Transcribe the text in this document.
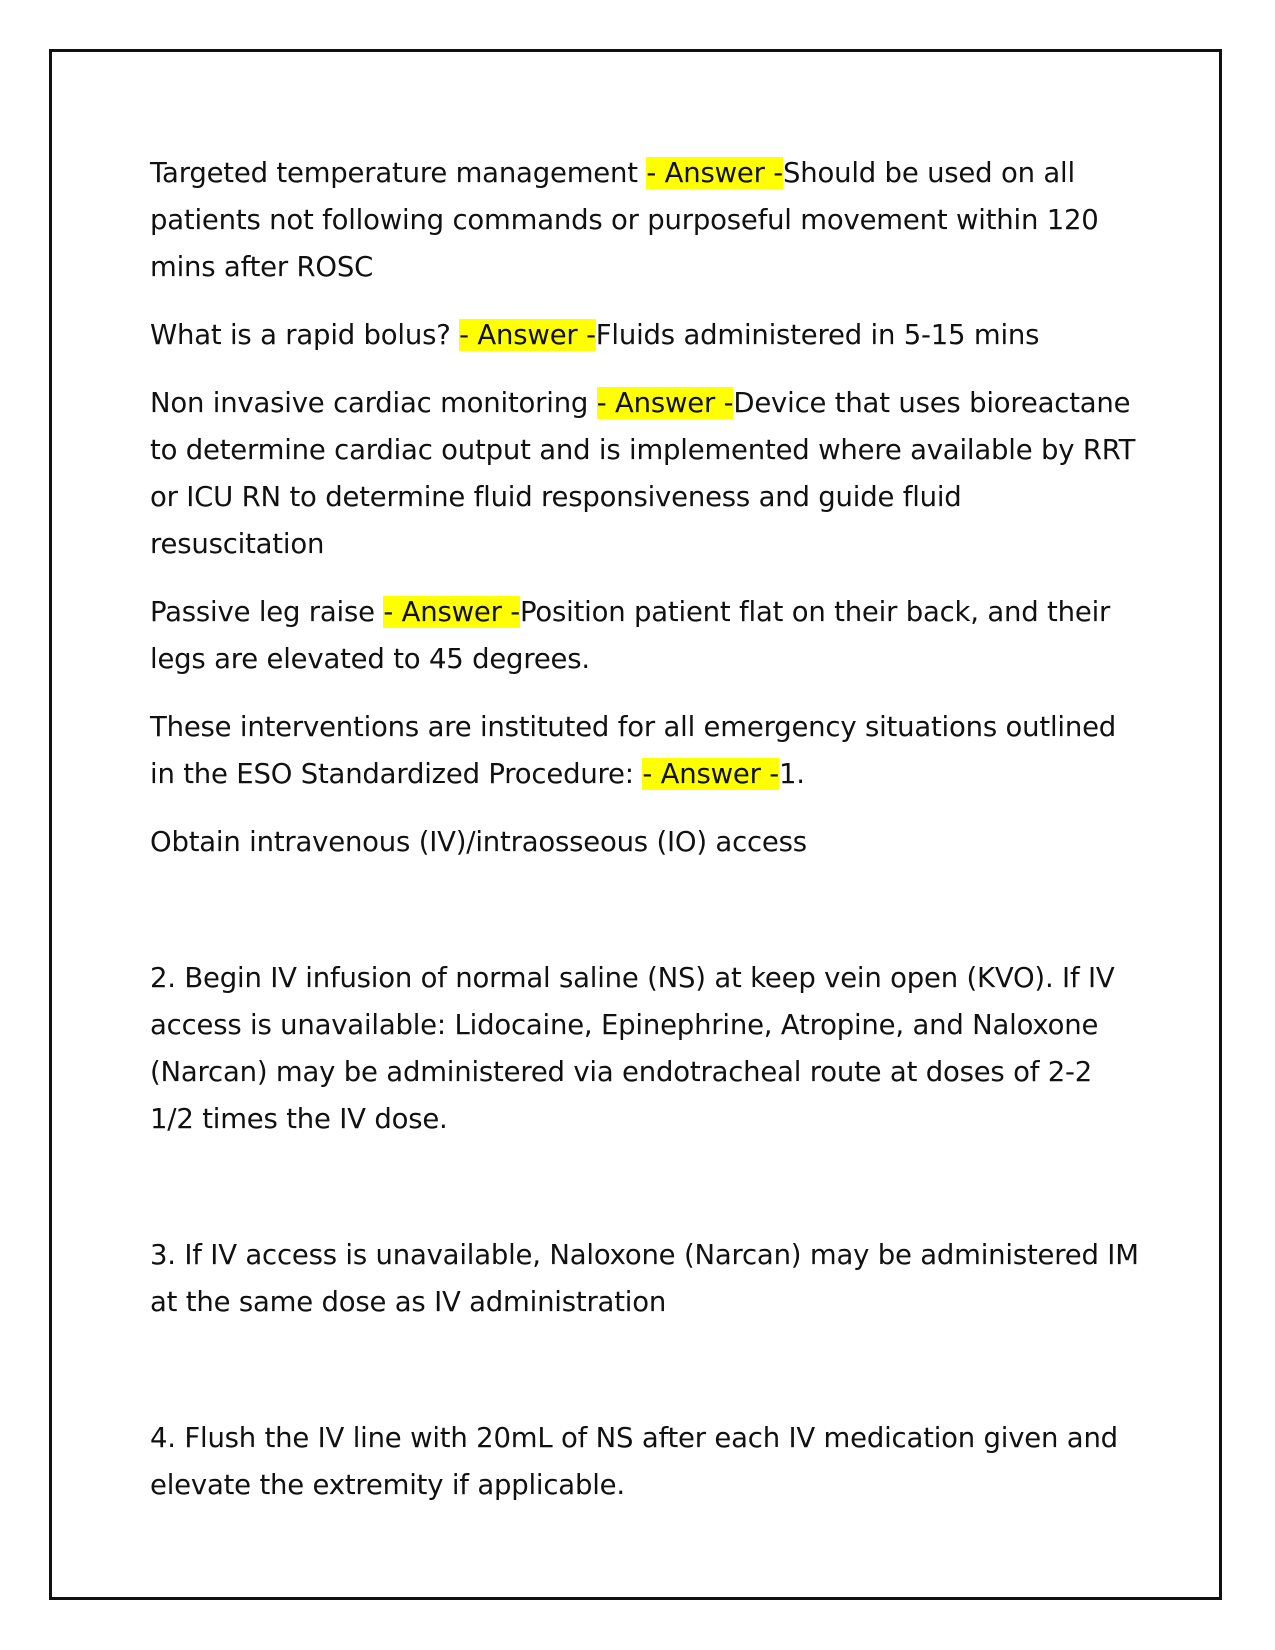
Targeted temperature management - Answer -Should be used on all patients not following commands or purposeful movement within 120 mins after ROSC

What is a rapid bolus? - Answer -Fluids administered in 5-15 mins

Non invasive cardiac monitoring - Answer -Device that uses bioreactane to determine cardiac output and is implemented where available by RRT or ICU RN to determine fluid responsiveness and guide fluid resuscitation

Passive leg raise - Answer -Position patient flat on their back, and their legs are elevated to 45 degrees.

These interventions are instituted for all emergency situations outlined in the ESO Standardized Procedure: - Answer -1.

Obtain intravenous (IV)/intraosseous (IO) access

2. Begin IV infusion of normal saline (NS) at keep vein open (KVO). If IV access is unavailable: Lidocaine, Epinephrine, Atropine, and Naloxone (Narcan) may be administered via endotracheal route at doses of 2-2 1/2 times the IV dose.

3. If IV access is unavailable, Naloxone (Narcan) may be administered IM at the same dose as IV administration

4. Flush the IV line with 20mL of NS after each IV medication given and elevate the extremity if applicable.
